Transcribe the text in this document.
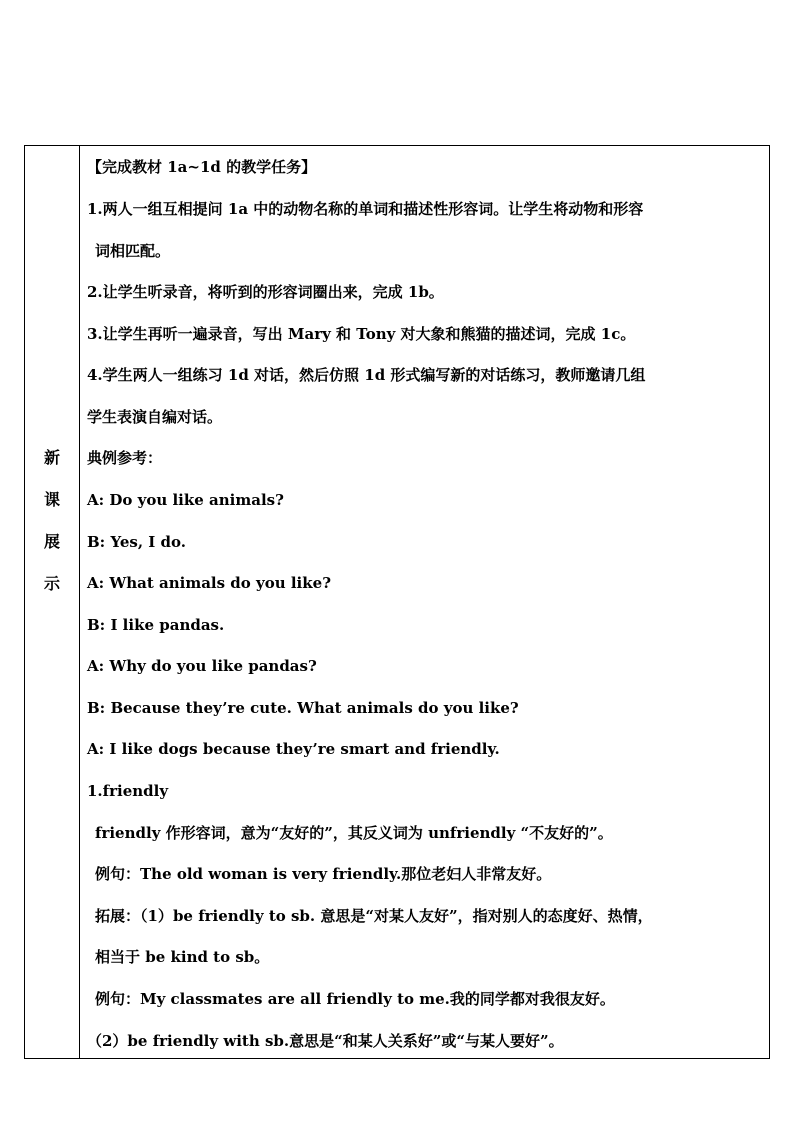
新
课
展
示
【完成教材 1a~1d 的教学任务】
1.两人一组互相提问 1a 中的动物名称的单词和描述性形容词。让学生将动物和形容
词相匹配。
2.让学生听录音，将听到的形容词圈出来，完成 1b。
3.让学生再听一遍录音，写出 Mary 和 Tony 对大象和熊猫的描述词，完成 1c。
4.学生两人一组练习 1d 对话，然后仿照 1d 形式编写新的对话练习，教师邀请几组
学生表演自编对话。
典例参考：
A: Do you like animals?
B: Yes, I do.
A: What animals do you like?
B: I like pandas.
A: Why do you like pandas?
B: Because they’re cute. What animals do you like?
A: I like dogs because they’re smart and friendly.
1.friendly
friendly 作形容词，意为“友好的”，其反义词为 unfriendly “不友好的”。
例句：The old woman is very friendly.那位老妇人非常友好。
拓展：（1）be friendly to sb. 意思是“对某人友好”，指对别人的态度好、热情，
相当于 be kind to sb。
例句：My classmates are all friendly to me.我的同学都对我很友好。
（2）be friendly with sb.意思是“和某人关系好”或“与某人要好”。
